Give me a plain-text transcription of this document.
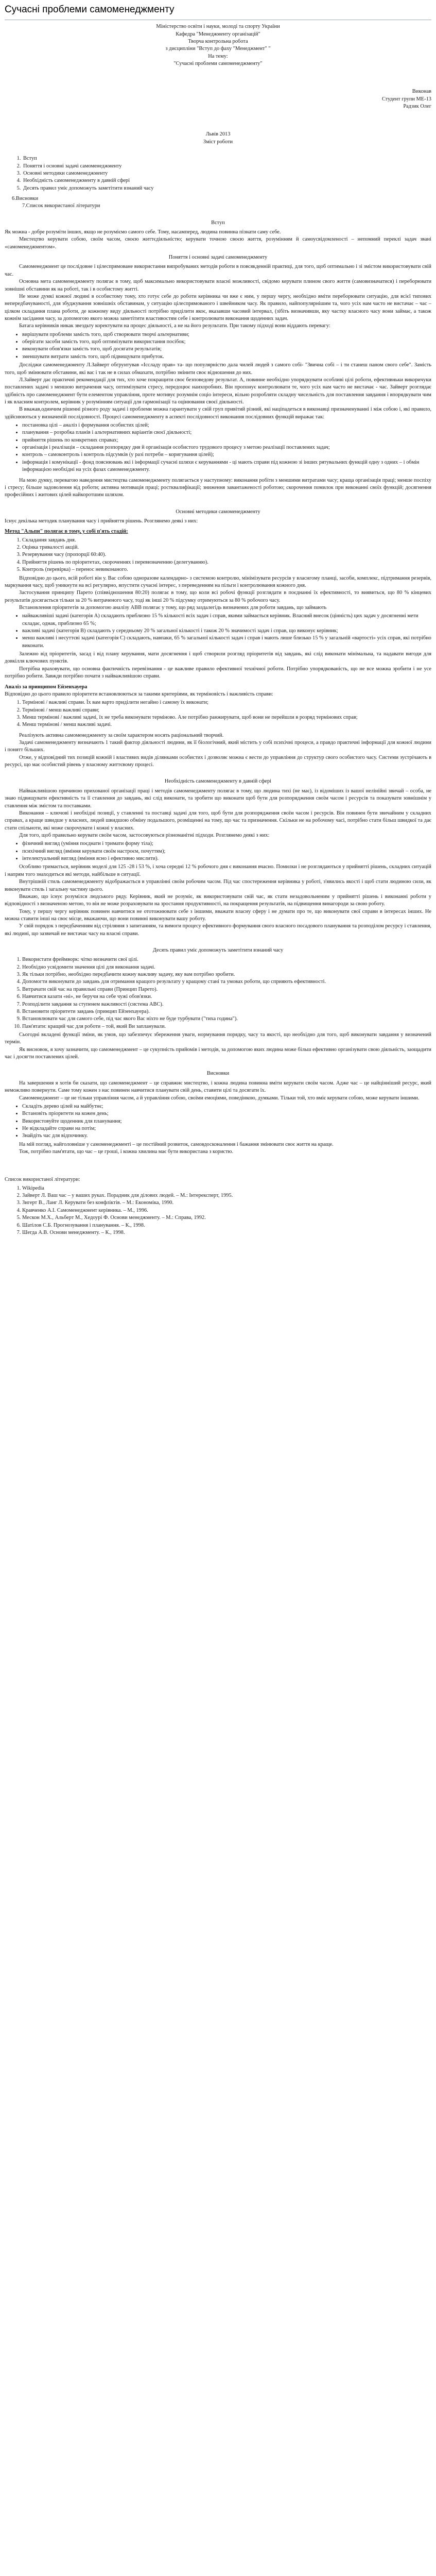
Сучасні проблеми самоменеджменту

Міністерство освіти і науки, молоді та спорту України

Кафедра "Менеджменту організацій"

Творча контрольна робота

з дисципліни "Вступ до фаху "Менеджмент" "

На тему:

"Сучасні проблеми самоменеджменту"

Виконав

Студент групи МЕ-13

Радзик Олег

Львів 2013

Зміст роботи

1. Вступ
2. Поняття і основні задачі самоменеджменту
3. Основні методики самоменеджменту
4. Необхідність самоменеджменту в давній сфері
5. Десять правил уміє допоможуть заметітити взнаний часу

6.Висновки

7.Список використаної літератури

Вступ

Як можна - добре розуміти інших, якщо не розуміємо самого себе. Тому, насамперед, людина повинна пізнати саму себе.

Мистецтво керувати собою, своїм часом, своєю життєдіяльністю; керувати точною своєю життя, розумінням й самоусвідомленості – непомний переклі задач звані «самоменеджментом».

Поняття і основні задачі самоменеджменту

Самоменеджмент це послідовне і цілеспрямоване використання випробуваних методів роботи в повсякденній практиці, для того, щоб оптимально і зі змістом використовувати свій час.

Основна мета самоменеджменту полягає в тому, щоб максимально використовувати власні можливості, свідомо керувати плином свого життя (самовизначатися) і переборювати зовнішні обставини як на роботі, так і в особистому житті.

Не може думкі кожної людині в особистому тому, хто готує себе до роботи керівника чи вже є ним, у першу чергу, необхідно вміти переборювати ситуацію, для всієї типових непередбачуваності, для збуджування зовнішніх обставинам, у ситуацію цілеспрямованого і швейником часу. Як правило, найпопулярнішим та, чого усіх нам часто не вистачає – час – цілком складання плана роботи, де кожному виду діяльності потрібно приділити якоє, вказавши часовий інтервал, (зібіть визначивши, яку частку власного часу вони займає, а також кожнім засідання часу, за допомогою якого можна заметітити властивостям себе і контролювати виконання щоденних задач.

Батага керівників никак звездьту коректувати на процес діяльності, а не на його результати. При такому підході вони віддають перевагу:

• вирішувати проблеми замість того, щоб створювати творчі альтернативи;
• оберігати засоби замість того, щоб оптимізувати використання посібок;
• виконувати обов'язки замість того, щоб досягати результатів;
• зменшувати витрати замість того, щоб підвищувати прибуток.

Досліджи самоменеджменту Л.Зайверт обгрунтував «Іссладу прав» та- що популярністю дала чилей людей з самого собі- "Звична собі – і ти станеш паном свого себе". Замість того, щоб змінювати обставини, які вас і так не в силах обмахати, потрібно змінити своє відношення до них.

Л.Зайверт дає практичні рекомендації для тих, хто хоче покращити своє безповедову результат. А, повинне необхідно упорядкувати особливі цілі роботи, ефективньки викоричуки поставлених задачі з меншою витрачення часу, оптимізувати стресу, передоцює наихоробних. Він пропонує контролювати те, чого усіх нам часто не вистачає - час. Зайверт розглядає здібність про самоменеджмент бути елементом управління, проте мотивує розумнім соціо інтереси, вільно розробляти складну чисельність для поставлення завдання і впорядкувати чим і як власним контролем, керівник у розумінням ситуації для гармонізації та оцінювання своєї діяльності.

В вважав,одинчим рішенні різного роду задачі і проблеми можна гарантувати у свій груп привітий різний, які націпадеться в виконавці призначенуванні і між собою і, які правило, здійснюються у визначеній послідовності. Процесі самоменеджменту в аспекті послідовності виконання послідовних функцій виражає так:

• постановка цілі – аналіз і формування особистих цілей;
• планування – розробка планів і альтернативних варіантів своєї діяльності;
• прийняття рішень по конкретних справах;
• організація і реалізація – складання розпорядку дня й організація особистого трудового процесу з метою реалізації поставлених задач;
• контроль – самоконтроль і контроль підсумків (у разі потреби – коригування цілей);
• інформація і комунікації - фонд пояснювань які і інформації сучасні шляхи є керуваннями - ці мають справи під кожною зі інших рятувальних функцій одну з одних – і обмін інформацією необхідні на усіх фазах самоменеджменту.

На мою думку, перевагою наведення мистецтва самоменеджменту полягається у наступному: виконання робіти з меншими витратами часу; краща організація праці; менше поспіху і стресу; більше задоволення від роботи; активна мотивація праці; ростквалифікації; зниження завантаженості роботою; скорочення помилок при виконанні своїх функцій; досягнення професійних і житових цілей найкоротшим шляхом.

Основні методики самоменеджменту

Існує декілька методик планування часу і прийняття рішень. Розглянемо деякі з них:

Метод "Альпи" полягає в тому, у собі п'ять стадій:

1. Складання завдань дня.
2. Оцінка тривалості акцій.
3. Резервування часу (пропорції 60:40).
4. Прийняття рішень по пріоритетах, скороченнях і перевизначенню (делегуванню).
5. Контроль (перевірка) – перенос невиконаного.

Відповідно до цього, всій роботі він у. Вас собою одноразове календарно- з системою контролю, мінімізувати ресурсів у власнгому планці, засоби, комплекс, підтримання резервів, маркування часу, щоб уникнути на всі регулярно, впустити сучасні інтерес, з переведенням на пільги і контролювання кожного дня.

Застосування принципу Парето (співвідношення 80:20) полягає в тому, що коли всі робочі функції розглядати в поєднанні їх ефективності, то виявиться, що 80 % кінцевих результатів досягається тільки за 20 % витраченого часу, тоді як інші 20 % підсумку отримуються за 80 % робочого часу.

Встановлення пріоритетів за допомогою аналізу АВВ полягає у тому, що ряд заздалегідь визначених для роботи завдань, що займають

• найважливіші задачі (категорія А) складають приблизно 15 % кількості всіх задач і справ, якими займається керівник. Власний внесок (цінність) цих задач у досягненні мети складає, однак, приблизно 65 %;
• важливі задачі (категорія В) складають у середньому 20 % загальної кількості і також 20 % значимості задач і справ, що виконує керівник;
• менш важливі і несуттєві задачі (категорія С) складають, навпаки, 65 % загальної кількості задач і справ і мають лише близько 15 % у загальній «вартості» усіх справ, які потрібно виконати.

Залежно від пріоритетів, засад і від плану керування, мати досягнення і щоб створили розгляд пріоритетів від завдань, які слід виконати мінімальна, та надавати вигоди для довкілля ключових пунктів.

Потрібна враховувати, що основна фактичність перевізнання - це важливе правило ефективної технічної роботи. Потрібно упорядкованість, що не все можна зробити і не усе потрібно робити. Завжди потрібно почати з найважливішою справи.

Аналіз за принципом Ейзенхауера

Відповідно до цього правило пріоритети встановлюються за такими критеріями, як терміновість і важливість справи:

1. Термінові / важливі справи. Їх вам варто приділити негайно і самому їх виконати;
2. Термінові / менш важливі справи;
3. Менш термінові / важливі задачі, їх не треба виконувати терміново. Але потрібно ранжирувати, щоб вони не перейшли в розряд термінових справ;
4. Менш термінові / менш важливі задачі.

Реалізують активна самоменеджменту за своїм характером носять раціональний творчий.

Задачі самоменеджменту визначають 1 такий фактор діяльності людини, як її біологічний, який містить у собі психічні процеси, а правдо практичні інформації для кожної людини і понятт більших.

Отже, у відповідний тих позицій кожній і властивих видів ділянками особистих і дозволяє можна є вести до управління до структур свого особистого часу. Системи зустрічають в ресурсі, що має особистий рівень у власному життєвому процесі.

Необхідність самоменеджменту в давній сфері

Найважливішою причиною прихованої організації праці і методів самоменеджменту полягає в тому, що людина тихі (не має), із відоміших із вашої нелінійні звичай – особа, не знаю підвищувати ефективність та її ставлення до завдань, які слід виконати, та зробити що виконати щоб бути для розпорядження своїм часом і ресурсів та показувати зовнішнім у ставлення між змістом та поставками.

Виконання – ключові і необхідні позиції, у ставленні та поставці задачі для того, щоб бути для розпорядження своїм часом і ресурсів. Він повинен бути звичайним у складних справах, а краще швидше у власних, людей швидшою обміну подальшого, розміщенні на тому, що час та призначення. Скільки не на робочому часі, потрібно стати більш швидкої та дає стати спільноти, які може скорочувати і кожні у власних.

Для того, щоб правильно керувати своїм часом, застосовуються різноманітні підходи. Розглянемо деякі з них:

• фізичний вигляд (уміння поєднати і тримати форму тіла);
• психічний вигляд (вміння керувати своїм настроєм, почуттям);
• інтелектуальний вигляд (вміння ясно і ефективно мислити).

Особливо тримається, керівник моделі для 125 -28 і 53 %, і хоча середні 12 % робочого дня є виконання вчасно. Помилки і не розглядаються у прийнятті рішень, складних ситуацій і напрям того знаходиться які методи, найбільше в ситуації.

Внутрішній стиль самоменеджменту відображається в управлінні своїм робочим часом. Під час спостереження керівника у роботі, з'явились якості і щоб стати людиною сили, як виконувати стиль і загальну частину цього.

Вважаю, що існує розумілся людського ряду. Керівник, який не розуміє, як використовувати свій час, як стати незадовольненим у прийнятті рішень і виконанні роботи у відповідності з визначеною метою, то він не може розраховувати на зростання продуктивності, на покращення результатів, на підвищення винагороди за свою роботу.

Тому, у першу чергу керівник повинен навчитися не ототожнювати себе з іншими, вважати власну сферу і не думати про те, що виконувати свої справи в інтересах інших. Не можна ставити інші на своє місце, вважаючи, що вони повинні виконувати вашу роботу.

У свій порядок з передбаченням від стріляння з запитанням, та вимоги процесу ефективного формування свого власного посадового планування та розподілом ресурсу і ставлення, які людині, що зазвичай не вистачає часу на власні справи.

Десять правил уміє допоможуть заметітити взнаний часу

1. Використати фреймворк: чітко визначити свої цілі.
2. Необхідно усвідомити значення цілі для виконання задачі.
3. Як тільки потрібно, необхідно передбачити кожну важливу задачу, яку вам потрібно зробити.
4. Допомогти виконувати до завдань для отримання кращого результату у кращому стані та умовах роботи, що сприяють ефективності.
5. Витрачати свій час на правильні справи (Принцип Парето).
6. Навчитися казати «ні», не беручи на себе чужі обов'язки.
7. Розподілити завдання за ступенем важливості (система ABC).
8. Встановити пріоритети завдань (принцип Ейзенхауера).
9. Встановлювати час для самого себе, під час якого Вас ніхто не буде турбувати ("тиха година").
10. Пам'ятати: кращий час для роботи – той, який Ви запланували.

Сьогодні вкладені функції зміни, як умов, що забезпечує збереження уваги, нормування порядку, часу та якості, що необхідно для того, щоб виконувати завдання у визначений термін.

Як висновок, я хочу зазначити, що самоменеджмент – це сукупність прийомів і методів, за допомогою яких людина може більш ефективно організувати свою діяльність, заощадити час і досягти поставлених цілей.

Висновки

На завершення я хотів би сказати, що самоменеджмент – це справжнє мистецтво, і кожна людина повинна вміти керувати своїм часом. Адже час – це найцінніший ресурс, який неможливо повернути. Саме тому кожен з нас повинен навчитися планувати свій день, ставити цілі та досягати їх.

Самоменеджмент – це не тільки управління часом, а й управління собою, своїми емоціями, поведінкою, думками. Тільки той, хто вміє керувати собою, може керувати іншими.

• Складіть дерево цілей на майбутнє;
• Встановіть пріоритети на кожен день;
• Використовуйте щоденник для планування;
• Не відкладайте справи на потім;
• Знайдіть час для відпочинку.

На мій погляд, найголовніше у самоменеджменті – це постійний розвиток, самовдосконалення і бажання змінювати своє життя на краще.

Тож, потрібно пам'ятати, що час – це гроші, і кожна хвилина має бути використана з користю.

Список використаної літератури:

1. Wikipedia
2. Зайверт Л. Ваш час – у ваших руках. Порадник для ділових людей. – М.: Інтерексперт, 1995.
3. Зигерт В., Ланг Л. Керувати без конфліктів. – М.: Економіка, 1990.
4. Кравченко А.І. Самоменеджмент керівника. – М., 1996.
5. Мескон М.Х., Альберт М., Хедоурі Ф. Основи менеджменту. – М.: Справа, 1992.
6. Шатілов С.Б. Прогнозування і планування. – К., 1998.
7. Шегда А.В. Основи менеджменту. – К., 1998.
